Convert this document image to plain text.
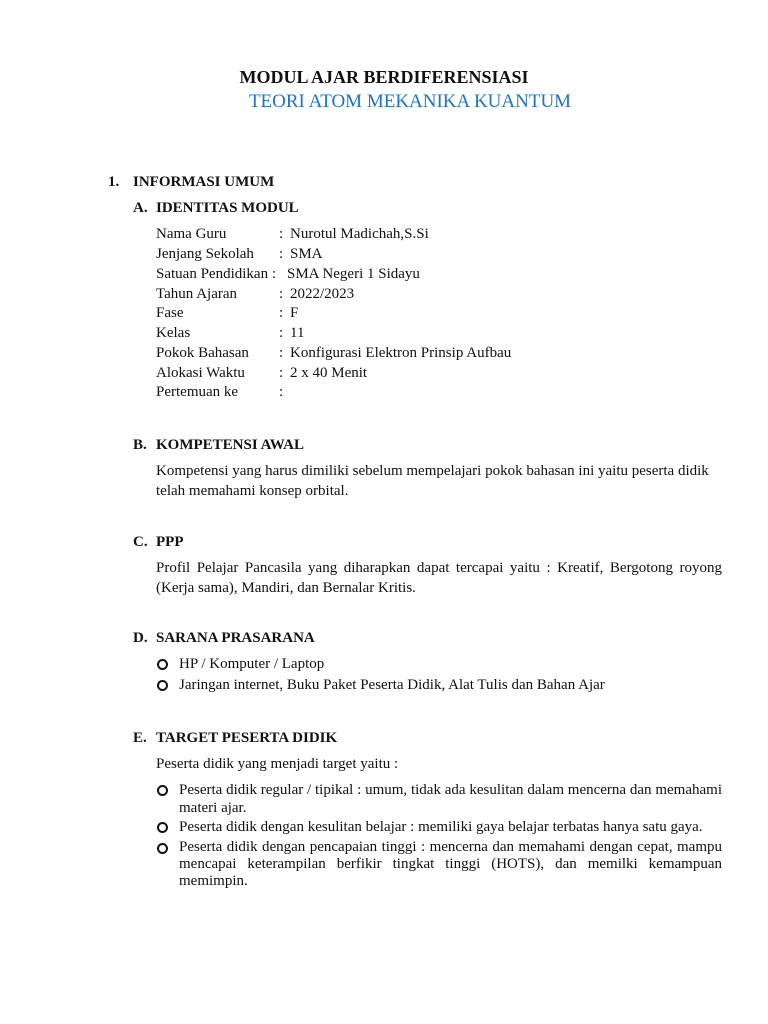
MODUL AJAR BERDIFERENSIASI
TEORI ATOM MEKANIKA KUANTUM
1. INFORMASI UMUM
A. IDENTITAS MODUL
Nama Guru	: Nurotul Madichah,S.Si
Jenjang Sekolah : SMA
Satuan Pendidikan : SMA Negeri 1 Sidayu
Tahun Ajaran	: 2022/2023
Fase	: F
Kelas	: 11
Pokok Bahasan : Konfigurasi Elektron Prinsip Aufbau
Alokasi Waktu : 2 x 40 Menit
Pertemuan ke	:
B. KOMPETENSI AWAL
Kompetensi yang harus dimiliki sebelum mempelajari pokok bahasan ini yaitu peserta didik telah memahami konsep orbital.
C. PPP
Profil Pelajar Pancasila yang diharapkan dapat tercapai yaitu : Kreatif, Bergotong royong (Kerja sama), Mandiri, dan Bernalar Kritis.
D. SARANA PRASARANA
HP / Komputer / Laptop
Jaringan internet, Buku Paket Peserta Didik, Alat Tulis dan Bahan Ajar
E. TARGET PESERTA DIDIK
Peserta didik yang menjadi target yaitu :
Peserta didik regular / tipikal : umum, tidak ada kesulitan dalam mencerna dan memahami materi ajar.
Peserta didik dengan kesulitan belajar : memiliki gaya belajar terbatas hanya satu gaya.
Peserta didik dengan pencapaian tinggi : mencerna dan memahami dengan cepat, mampu mencapai keterampilan berfikir tingkat tinggi (HOTS), dan memilki kemampuan memimpin.
